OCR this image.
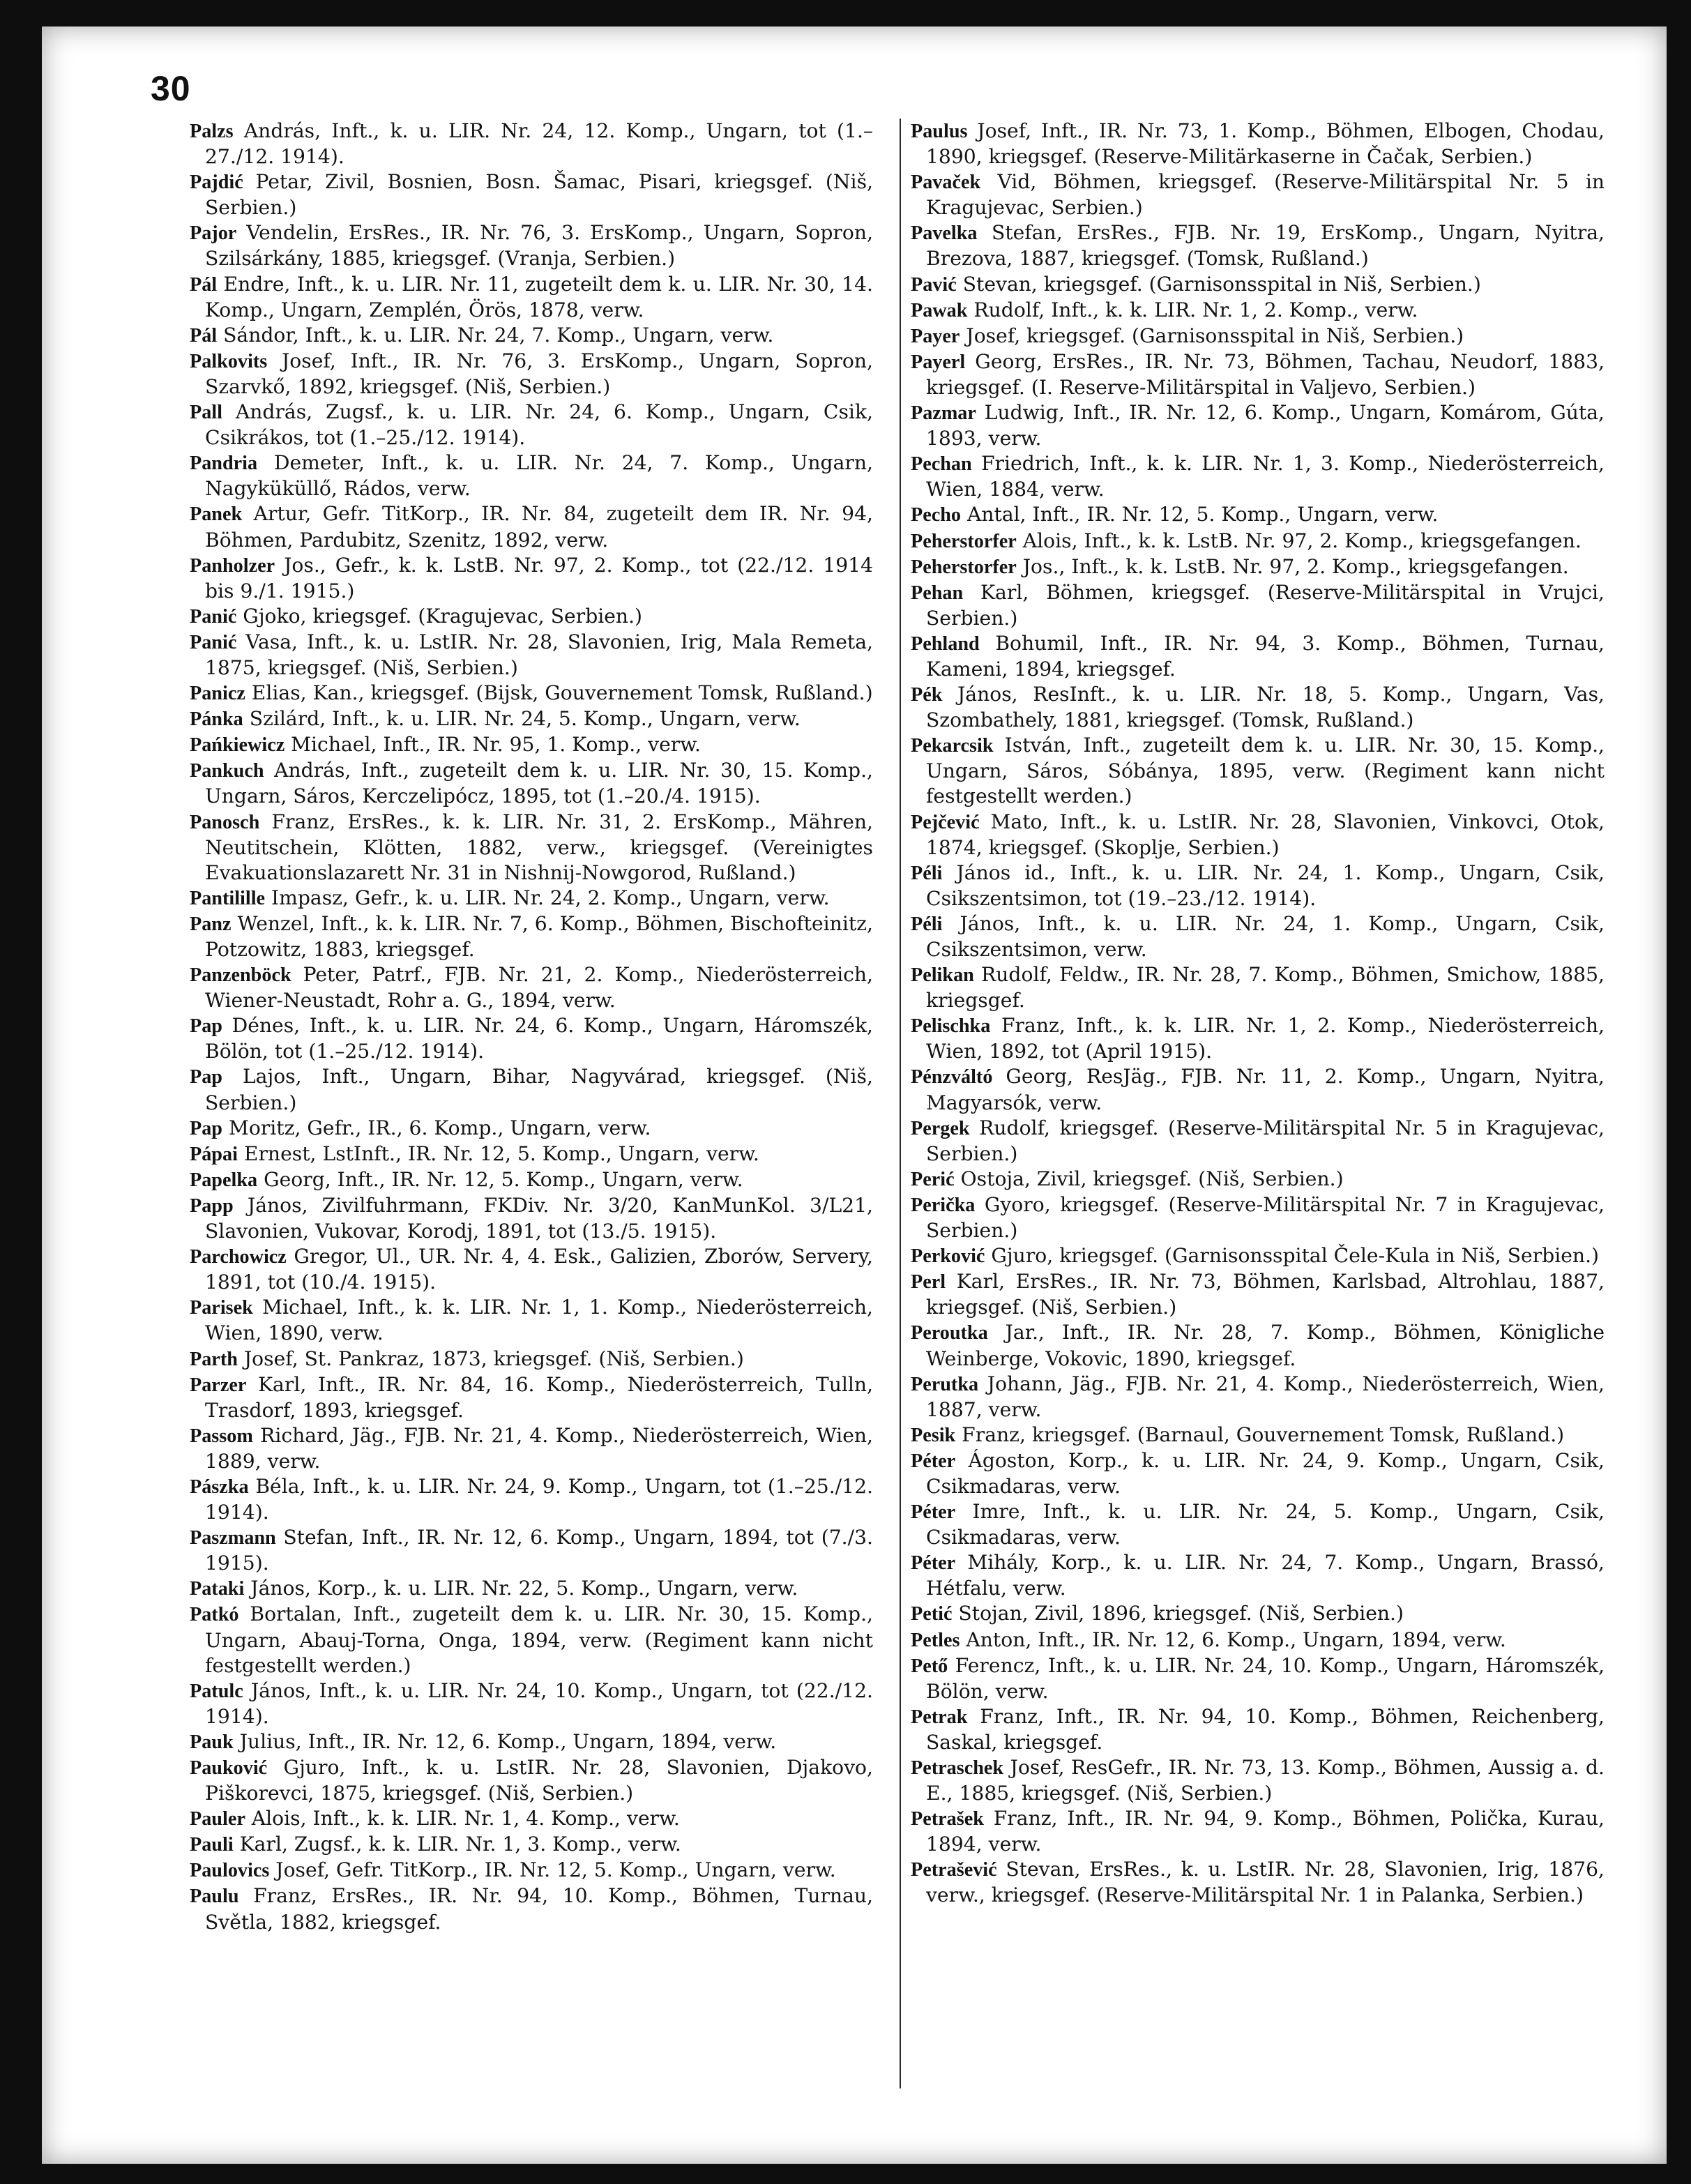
30

Palzs András, Inft., k. u. LIR. Nr. 24, 12. Komp., Ungarn, tot (1.–27./12. 1914).

Pajdić Petar, Zivil, Bosnien, Bosn. Šamac, Pisari, kriegsgef. (Niš, Serbien.)

Pajor Vendelin, ErsRes., IR. Nr. 76, 3. ErsKomp., Ungarn, Sopron, Szilsárkány, 1885, kriegsgef. (Vranja, Serbien.)

Pál Endre, Inft., k. u. LIR. Nr. 11, zugeteilt dem k. u. LIR. Nr. 30, 14. Komp., Ungarn, Zemplén, Örös, 1878, verw.

Pál Sándor, Inft., k. u. LIR. Nr. 24, 7. Komp., Ungarn, verw.

Palkovits Josef, Inft., IR. Nr. 76, 3. ErsKomp., Ungarn, Sopron, Szarvkő, 1892, kriegsgef. (Niš, Serbien.)

Pall András, Zugsf., k. u. LIR. Nr. 24, 6. Komp., Ungarn, Csik, Csikrákos, tot (1.–25./12. 1914).

Pandria Demeter, Inft., k. u. LIR. Nr. 24, 7. Komp., Ungarn, Nagyküküllő, Rádos, verw.

Panek Artur, Gefr. TitKorp., IR. Nr. 84, zugeteilt dem IR. Nr. 94, Böhmen, Pardubitz, Szenitz, 1892, verw.

Panholzer Jos., Gefr., k. k. LstB. Nr. 97, 2. Komp., tot (22./12. 1914 bis 9./1. 1915.)

Panić Gjoko, kriegsgef. (Kragujevac, Serbien.)

Panić Vasa, Inft., k. u. LstIR. Nr. 28, Slavonien, Irig, Mala Remeta, 1875, kriegsgef. (Niš, Serbien.)

Panicz Elias, Kan., kriegsgef. (Bijsk, Gouvernement Tomsk, Rußland.)

Pánka Szilárd, Inft., k. u. LIR. Nr. 24, 5. Komp., Ungarn, verw.

Pańkiewicz Michael, Inft., IR. Nr. 95, 1. Komp., verw.

Pankuch András, Inft., zugeteilt dem k. u. LIR. Nr. 30, 15. Komp., Ungarn, Sáros, Kerczelipócz, 1895, tot (1.–20./4. 1915).

Panosch Franz, ErsRes., k. k. LIR. Nr. 31, 2. ErsKomp., Mähren, Neutitschein, Klötten, 1882, verw., kriegsgef. (Vereinigtes Evakuationslazarett Nr. 31 in Nishnij-Nowgorod, Rußland.)

Pantilille Impasz, Gefr., k. u. LIR. Nr. 24, 2. Komp., Ungarn, verw.

Panz Wenzel, Inft., k. k. LIR. Nr. 7, 6. Komp., Böhmen, Bischofteinitz, Potzowitz, 1883, kriegsgef.

Panzenböck Peter, Patrf., FJB. Nr. 21, 2. Komp., Niederösterreich, Wiener-Neustadt, Rohr a. G., 1894, verw.

Pap Dénes, Inft., k. u. LIR. Nr. 24, 6. Komp., Ungarn, Háromszék, Bölön, tot (1.–25./12. 1914).

Pap Lajos, Inft., Ungarn, Bihar, Nagyvárad, kriegsgef. (Niš, Serbien.)

Pap Moritz, Gefr., IR., 6. Komp., Ungarn, verw.

Pápai Ernest, LstInft., IR. Nr. 12, 5. Komp., Ungarn, verw.

Papelka Georg, Inft., IR. Nr. 12, 5. Komp., Ungarn, verw.

Papp János, Zivilfuhrmann, FKDiv. Nr. 3/20, KanMunKol. 3/L21, Slavonien, Vukovar, Korodj, 1891, tot (13./5. 1915).

Parchowicz Gregor, Ul., UR. Nr. 4, 4. Esk., Galizien, Zborów, Servery, 1891, tot (10./4. 1915).

Parisek Michael, Inft., k. k. LIR. Nr. 1, 1. Komp., Niederösterreich, Wien, 1890, verw.

Parth Josef, St. Pankraz, 1873, kriegsgef. (Niš, Serbien.)

Parzer Karl, Inft., IR. Nr. 84, 16. Komp., Niederösterreich, Tulln, Trasdorf, 1893, kriegsgef.

Passom Richard, Jäg., FJB. Nr. 21, 4. Komp., Niederösterreich, Wien, 1889, verw.

Pászka Béla, Inft., k. u. LIR. Nr. 24, 9. Komp., Ungarn, tot (1.–25./12. 1914).

Paszmann Stefan, Inft., IR. Nr. 12, 6. Komp., Ungarn, 1894, tot (7./3. 1915).

Pataki János, Korp., k. u. LIR. Nr. 22, 5. Komp., Ungarn, verw.

Patkó Bortalan, Inft., zugeteilt dem k. u. LIR. Nr. 30, 15. Komp., Ungarn, Abauj-Torna, Onga, 1894, verw. (Regiment kann nicht festgestellt werden.)

Patulc János, Inft., k. u. LIR. Nr. 24, 10. Komp., Ungarn, tot (22./12. 1914).

Pauk Julius, Inft., IR. Nr. 12, 6. Komp., Ungarn, 1894, verw.

Pauković Gjuro, Inft., k. u. LstIR. Nr. 28, Slavonien, Djakovo, Piškorevci, 1875, kriegsgef. (Niš, Serbien.)

Pauler Alois, Inft., k. k. LIR. Nr. 1, 4. Komp., verw.

Pauli Karl, Zugsf., k. k. LIR. Nr. 1, 3. Komp., verw.

Paulovics Josef, Gefr. TitKorp., IR. Nr. 12, 5. Komp., Ungarn, verw.

Paulu Franz, ErsRes., IR. Nr. 94, 10. Komp., Böhmen, Turnau, Světla, 1882, kriegsgef.

Paulus Josef, Inft., IR. Nr. 73, 1. Komp., Böhmen, Elbogen, Chodau, 1890, kriegsgef. (Reserve-Militärkaserne in Čačak, Serbien.)

Pavaček Vid, Böhmen, kriegsgef. (Reserve-Militärspital Nr. 5 in Kragujevac, Serbien.)

Pavelka Stefan, ErsRes., FJB. Nr. 19, ErsKomp., Ungarn, Nyitra, Brezova, 1887, kriegsgef. (Tomsk, Rußland.)

Pavić Stevan, kriegsgef. (Garnisonsspital in Niš, Serbien.)

Pawak Rudolf, Inft., k. k. LIR. Nr. 1, 2. Komp., verw.

Payer Josef, kriegsgef. (Garnisonsspital in Niš, Serbien.)

Payerl Georg, ErsRes., IR. Nr. 73, Böhmen, Tachau, Neudorf, 1883, kriegsgef. (I. Reserve-Militärspital in Valjevo, Serbien.)

Pazmar Ludwig, Inft., IR. Nr. 12, 6. Komp., Ungarn, Komárom, Gúta, 1893, verw.

Pechan Friedrich, Inft., k. k. LIR. Nr. 1, 3. Komp., Niederösterreich, Wien, 1884, verw.

Pecho Antal, Inft., IR. Nr. 12, 5. Komp., Ungarn, verw.

Peherstorfer Alois, Inft., k. k. LstB. Nr. 97, 2. Komp., kriegsgefangen.

Peherstorfer Jos., Inft., k. k. LstB. Nr. 97, 2. Komp., kriegsgefangen.

Pehan Karl, Böhmen, kriegsgef. (Reserve-Militärspital in Vrujci, Serbien.)

Pehland Bohumil, Inft., IR. Nr. 94, 3. Komp., Böhmen, Turnau, Kameni, 1894, kriegsgef.

Pék János, ResInft., k. u. LIR. Nr. 18, 5. Komp., Ungarn, Vas, Szombathely, 1881, kriegsgef. (Tomsk, Rußland.)

Pekarcsik István, Inft., zugeteilt dem k. u. LIR. Nr. 30, 15. Komp., Ungarn, Sáros, Sóbánya, 1895, verw. (Regiment kann nicht festgestellt werden.)

Pejčević Mato, Inft., k. u. LstIR. Nr. 28, Slavonien, Vinkovci, Otok, 1874, kriegsgef. (Skoplje, Serbien.)

Péli János id., Inft., k. u. LIR. Nr. 24, 1. Komp., Ungarn, Csik, Csikszentsimon, tot (19.–23./12. 1914).

Péli János, Inft., k. u. LIR. Nr. 24, 1. Komp., Ungarn, Csik, Csikszentsimon, verw.

Pelikan Rudolf, Feldw., IR. Nr. 28, 7. Komp., Böhmen, Smichow, 1885, kriegsgef.

Pelischka Franz, Inft., k. k. LIR. Nr. 1, 2. Komp., Niederösterreich, Wien, 1892, tot (April 1915).

Pénzváltó Georg, ResJäg., FJB. Nr. 11, 2. Komp., Ungarn, Nyitra, Magyarsók, verw.

Pergek Rudolf, kriegsgef. (Reserve-Militärspital Nr. 5 in Kragujevac, Serbien.)

Perić Ostoja, Zivil, kriegsgef. (Niš, Serbien.)

Perička Gyoro, kriegsgef. (Reserve-Militärspital Nr. 7 in Kragujevac, Serbien.)

Perković Gjuro, kriegsgef. (Garnisonsspital Čele-Kula in Niš, Serbien.)

Perl Karl, ErsRes., IR. Nr. 73, Böhmen, Karlsbad, Altrohlau, 1887, kriegsgef. (Niš, Serbien.)

Peroutka Jar., Inft., IR. Nr. 28, 7. Komp., Böhmen, Königliche Weinberge, Vokovic, 1890, kriegsgef.

Perutka Johann, Jäg., FJB. Nr. 21, 4. Komp., Niederösterreich, Wien, 1887, verw.

Pesik Franz, kriegsgef. (Barnaul, Gouvernement Tomsk, Rußland.)

Péter Ágoston, Korp., k. u. LIR. Nr. 24, 9. Komp., Ungarn, Csik, Csikmadaras, verw.

Péter Imre, Inft., k. u. LIR. Nr. 24, 5. Komp., Ungarn, Csik, Csikmadaras, verw.

Péter Mihály, Korp., k. u. LIR. Nr. 24, 7. Komp., Ungarn, Brassó, Hétfalu, verw.

Petić Stojan, Zivil, 1896, kriegsgef. (Niš, Serbien.)

Petles Anton, Inft., IR. Nr. 12, 6. Komp., Ungarn, 1894, verw.

Pető Ferencz, Inft., k. u. LIR. Nr. 24, 10. Komp., Ungarn, Háromszék, Bölön, verw.

Petrak Franz, Inft., IR. Nr. 94, 10. Komp., Böhmen, Reichenberg, Saskal, kriegsgef.

Petraschek Josef, ResGefr., IR. Nr. 73, 13. Komp., Böhmen, Aussig a. d. E., 1885, kriegsgef. (Niš, Serbien.)

Petrašek Franz, Inft., IR. Nr. 94, 9. Komp., Böhmen, Polička, Kurau, 1894, verw.

Petrašević Stevan, ErsRes., k. u. LstIR. Nr. 28, Slavonien, Irig, 1876, verw., kriegsgef. (Reserve-Militärspital Nr. 1 in Palanka, Serbien.)
